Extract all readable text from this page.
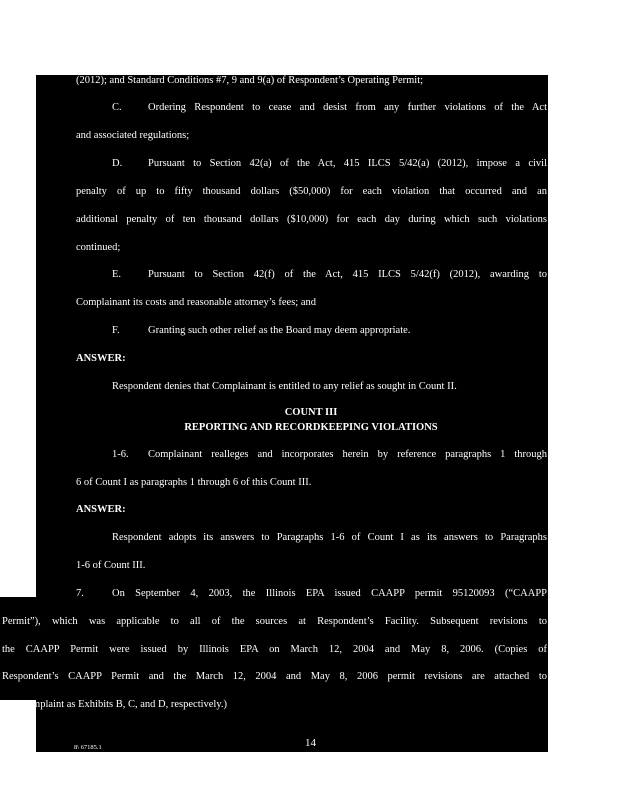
(2012); and Standard Conditions #7, 9 and 9(a) of Respondent’s Operating Permit;
C.	Ordering Respondent to cease and desist from any further violations of the Act
and associated regulations;
D. Pursuant to Section 42(a) of the Act, 415 ILCS 5/42(a) (2012), impose a civil
penalty of up to fifty thousand dollars ($50,000) for each violation that occurred and an
additional penalty of ten thousand dollars ($10,000) for each day during which such violations
continued;
E.	Pursuant to Section 42(f) of the Act, 415 ILCS 5/42(f) (2012), awarding to
Complainant its costs and reasonable attorney’s fees; and
F.	Granting such other relief as the Board may deem appropriate.
ANSWER:
Respondent denies that Complainant is entitled to any relief as sought in Count II.
COUNT III
REPORTING AND RECORDKEEPING VIOLATIONS
1-6. Complainant realleges and incorporates herein by reference paragraphs 1 through
6 of Count I as paragraphs 1 through 6 of this Count III.
ANSWER:
Respondent adopts its answers to Paragraphs 1-6 of Count I as its answers to Paragraphs
1-6 of Count III.
7.	On September 4, 2003, the Illinois EPA issued CAAPP permit 95120093 (“CAAPP
Permit”), which was applicable to all of the sources at Respondent’s Facility. Subsequent revisions to
the CAAPP Permit were issued by Illinois EPA on March 12, 2004 and May 8, 2006. (Copies of
Respondent’s CAAPP Permit and the March 12, 2004 and May 8, 2006 permit revisions are attached to
this Complaint as Exhibits B, C, and D, respectively.)
8\ 67185.1	14
